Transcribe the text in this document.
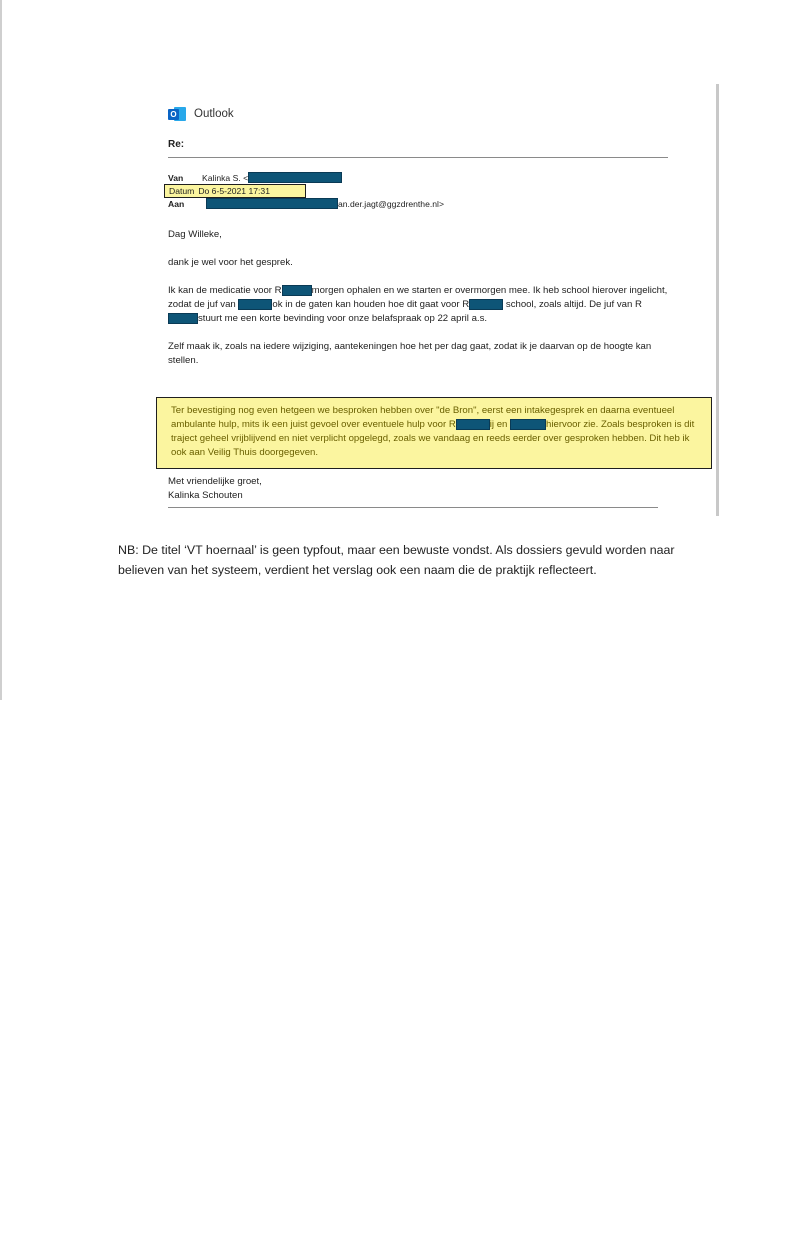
O Outlook
Re:
Van	Kalinka S. <
Datum Do 6-5-2021 17:31
Aan	an.der.jagt@ggzdrenthe.nl>
Dag Willeke,
dank je wel voor het gesprek.
Ik kan de medicatie voor R	morgen ophalen en we starten er overmorgen mee. Ik heb school hierover ingelicht, zodat de juf van	ok in de gaten kan houden hoe dit gaat voor R	school, zoals altijd. De juf van Rstuurt me een korte bevinding voor onze belafspraak op 22 april a.s.
Zelf maak ik, zoals na iedere wijziging, aantekeningen hoe het per dag gaat, zodat ik je daarvan op de hoogte kan stellen.
Ter bevestiging nog even hetgeen we besproken hebben over "de Bron", eerst een intakegesprek en daarna eventueel ambulante hulp, mits ik een juist gevoel over eventuele hulp voor R	ij en	hiervoor zie. Zoals besproken is dit traject geheel vrijblijvend en niet verplicht opgelegd, zoals we vandaag en reeds eerder over gesproken hebben. Dit heb ik ook aan Veilig Thuis doorgegeven.
Met vriendelijke groet,
Kalinka Schouten
NB: De titel ‘VT hoernaal’ is geen typfout, maar een bewuste vondst. Als dossiers gevuld worden naar believen van het systeem, verdient het verslag ook een naam die de praktijk reflecteert.
